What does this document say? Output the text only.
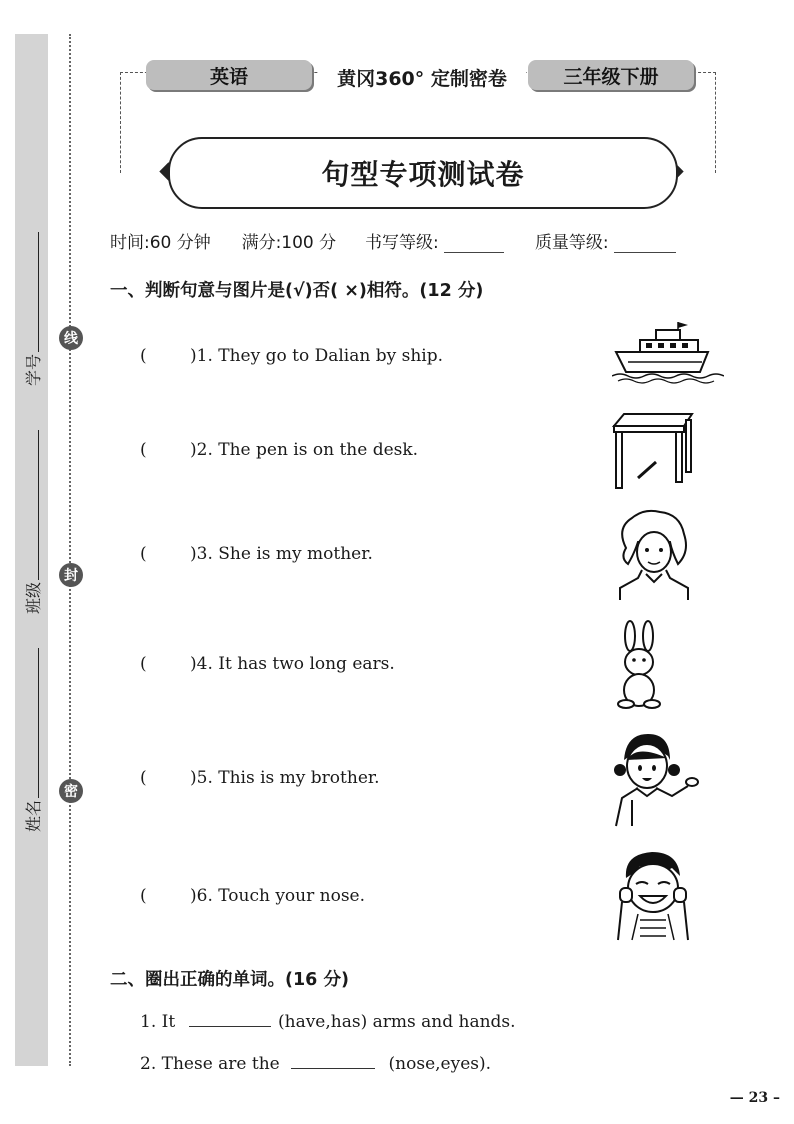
线
封
密
学号
班级
姓名
英语	黄冈360° 定制密卷	三年级下册
句型专项测试卷
时间:60 分钟 满分:100 分 书写等级:	质量等级:
一、判断句意与图片是(√)否( ×)相符。(12 分)
(	)1. They go to Dalian by ship.
(	)2. The pen is on the desk.
(	)3. She is my mother.
(	)4. It has two long ears.
(	)5. This is my brother.
(	)6. Touch your nose.
二、圈出正确的单词。(16 分)
1. It	(have,has) arms and hands.
2. These are the	(nose,eyes).
— 23 –
